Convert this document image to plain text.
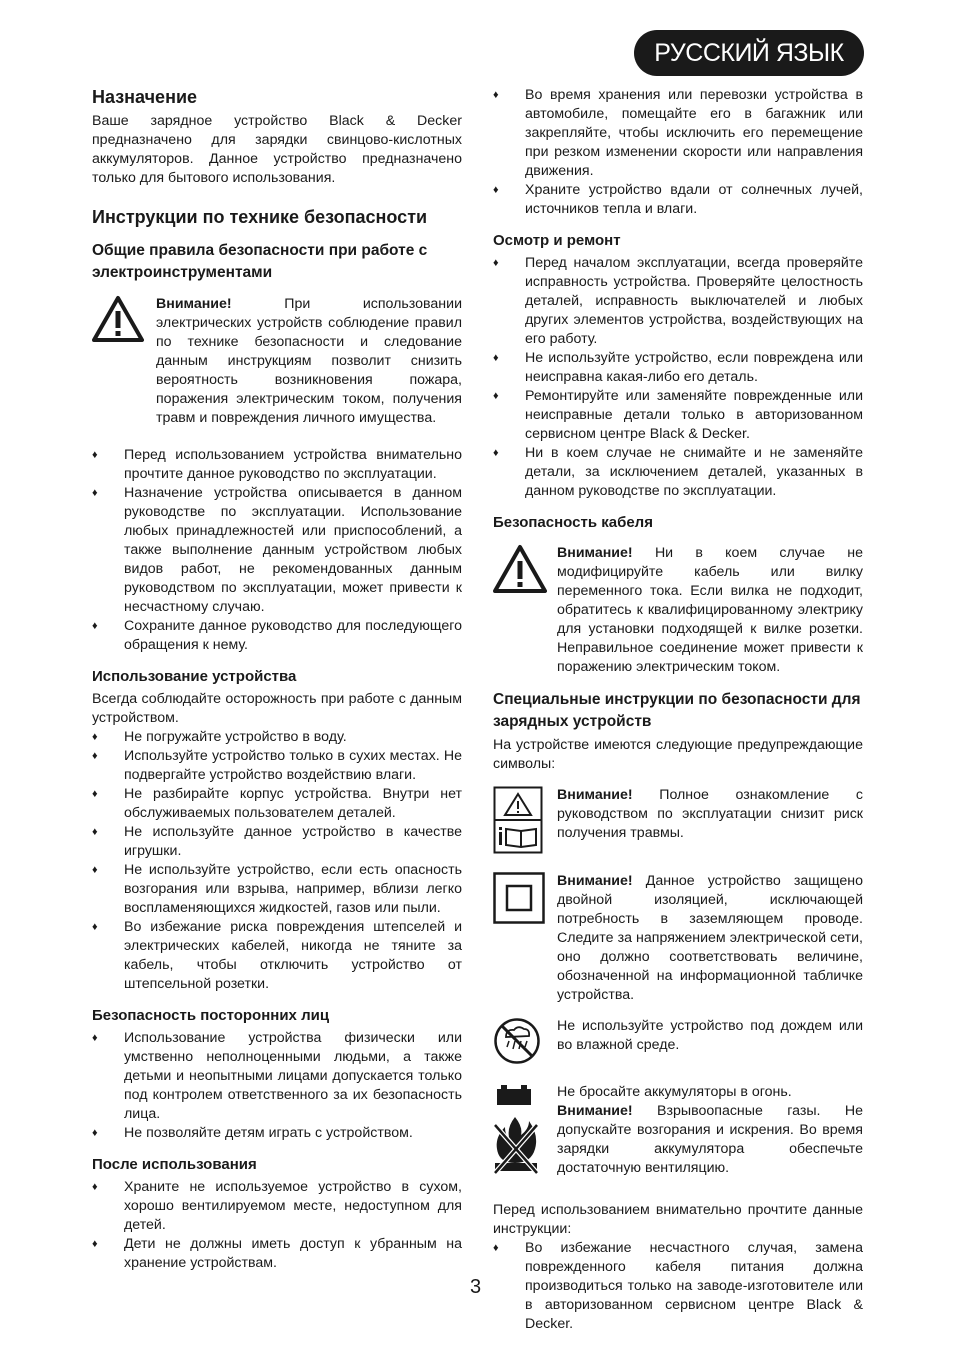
РУССКИЙ ЯЗЫК
Назначение

Ваше зарядное устройство Black & Decker предназначено для зарядки свинцово-кислотных аккумуляторов. Данное устройство предназначено только для бытового использования.

Инструкции по технике безопасности
Общие правила безопасности при работе с электроинструментами
Внимание!	При использовании электрических устройств соблюдение правил по технике безопасности и следование данным инструкциям позволит снизить вероятность возникновения пожара, поражения электрическим током, получения травм и повреждения личного имущества.
♦ Перед использованием устройства внимательно прочтите данное руководство по эксплуатации.
♦ Назначение устройства описывается в данном руководстве по эксплуатации. Использование любых принадлежностей или приспособлений, а также выполнение данным устройством любых видов работ, не рекомендованных данным руководством по эксплуатации, может привести к несчастному случаю.
♦ Сохраните данное руководство для последующего обращения к нему.
Использование устройства

Всегда соблюдайте осторожность при работе с данным устройством.

♦ Не погружайте устройство в воду.
♦ Используйте устройство только в сухих местах. Не подвергайте устройство воздействию влаги.
♦ Не разбирайте корпус устройства. Внутри нет обслуживаемых пользователем деталей.
♦ Не используйте данное устройство в качестве игрушки.
♦ Не используйте устройство, если есть опасность возгорания или взрыва, например, вблизи легко воспламеняющихся жидкостей, газов или пыли.
♦ Во избежание риска повреждения штепселей и электрических кабелей, никогда не тяните за кабель, чтобы отключить устройство от штепсельной розетки.
Безопасность посторонних лиц
♦ Использование устройства физически или умственно неполноценными людьми, а также детьми и неопытными лицами допускается только под контролем ответственного за их безопасность лица.
♦ Не позволяйте детям играть с устройством.
После использования
♦ Храните не используемое устройство в сухом, хорошо вентилируемом месте, недоступном для детей.
♦ Дети не должны иметь доступ к убранным на хранение устройствам.
♦ Во время хранения или перевозки устройства в автомобиле, помещайте его в багажник или закрепляйте, чтобы исключить его перемещение при резком изменении скорости или направления движения.
♦ Храните устройство вдали от солнечных лучей, источников тепла и влаги.
Осмотр и ремонт
♦ Перед началом эксплуатации, всегда проверяйте исправность устройства. Проверяйте целостность деталей, исправность выключателей и любых других элементов устройства, воздействующих на его работу.
♦ Не используйте устройство, если повреждена или неисправна какая-либо его деталь.
♦ Ремонтируйте или заменяйте поврежденные или неисправные детали только в авторизованном сервисном центре Black & Decker.
♦ Ни в коем случае не снимайте и не заменяйте детали, за исключением деталей, указанных в данном руководстве по эксплуатации.
Безопасность кабеля
Внимание! Ни в коем случае не модифицируйте кабель или вилку переменного тока. Если вилка не подходит, обратитесь к квалифицированному электрику для установки подходящей к вилке розетки. Неправильное соединение может привести к поражению электрическим током.
Специальные инструкции по безопасности для зарядных устройств

На устройстве имеются следующие предупреждающие символы:

Внимание! Полное ознакомление с руководством по эксплуатации снизит риск получения травмы.
Внимание! Данное устройство защищено двойной изоляцией, исключающей потребность в заземляющем проводе. Следите за напряжением электрической сети, оно должно соответствовать величине, обозначенной на информационной табличке устройства.
Не используйте устройство под дождем или во влажной среде.
Не бросайте аккумуляторы в огонь.
Внимание! Взрывоопасные газы. Не допускайте возгорания и искрения. Во время зарядки аккумулятора обеспечьте достаточную вентиляцию.

Перед использованием внимательно прочтите данные инструкции:

♦ Во избежание несчастного случая, замена поврежденного кабеля питания должна производиться только на заводе-изготовителе или в авторизованном сервисном центре Black & Decker.
3
